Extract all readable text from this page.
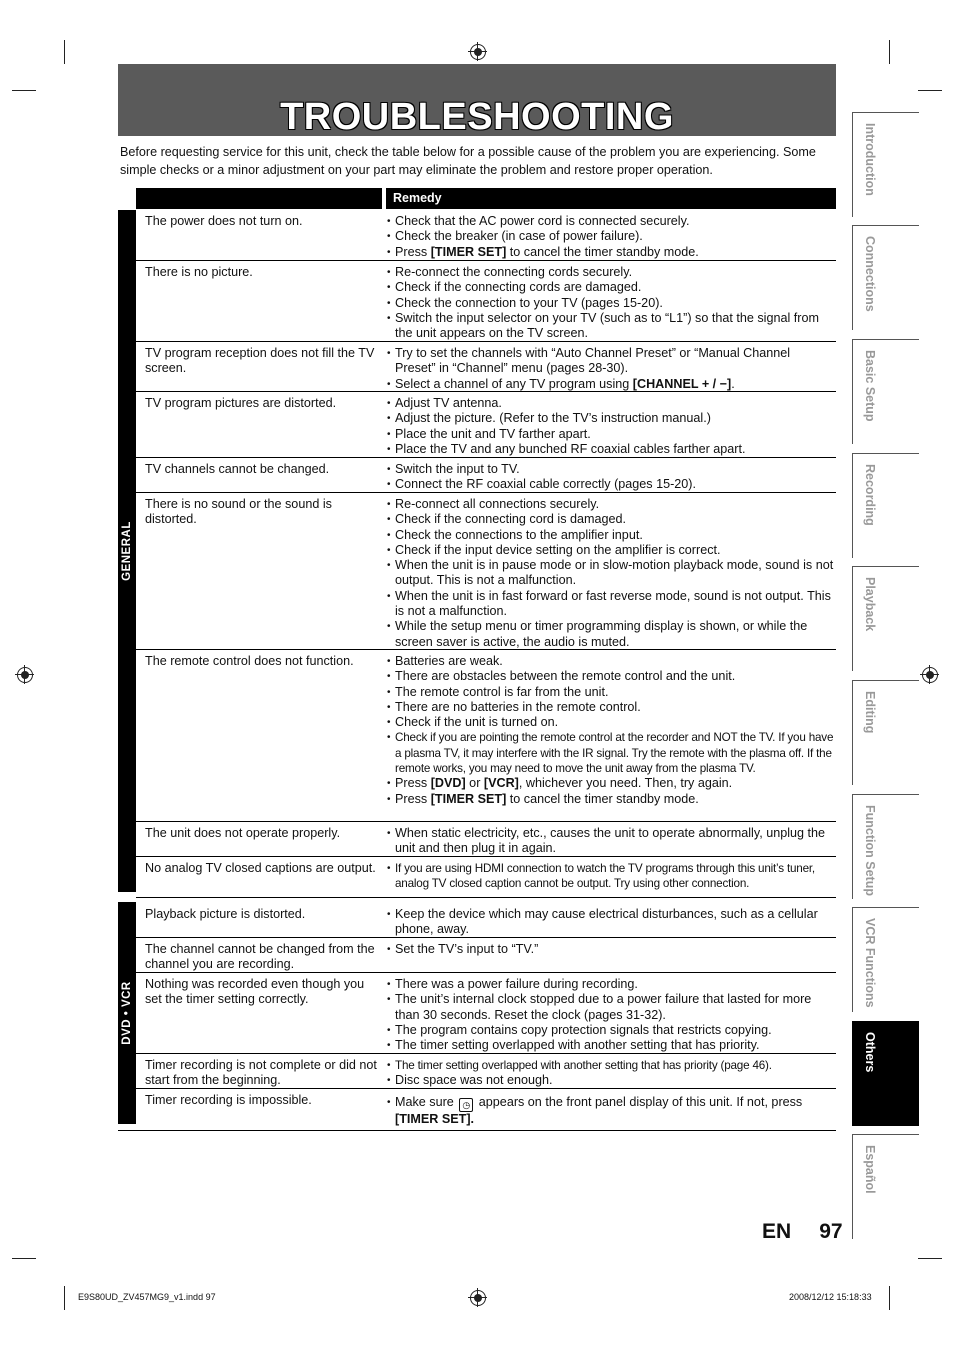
TROUBLESHOOTING
Before requesting service for this unit, check the table below for a possible cause of the problem you are experiencing. Some simple checks or a minor adjustment on your part may eliminate the problem and restore proper operation.
Remedy
GENERAL
DVD • VCR
The power does not turn on.	• Check that the AC power cord is connected securely.
• Check the breaker (in case of power failure).
• Press [TIMER SET] to cancel the timer standby mode.
There is no picture.	• Re-connect the connecting cords securely.
• Check if the connecting cords are damaged.
• Check the connection to your TV (pages 15-20).
• Switch the input selector on your TV (such as to “L1”) so that the signal from the unit appears on the TV screen.
TV program reception does not fill the TV screen.
• Try to set the channels with “Auto Channel Preset” or “Manual Channel Preset” in “Channel” menu (pages 28-30).
• Select a channel of any TV program using [CHANNEL + / −].
TV program pictures are distorted.	• Adjust TV antenna.
• Adjust the picture. (Refer to the TV’s instruction manual.)
• Place the unit and TV farther apart.
• Place the TV and any bunched RF coaxial cables farther apart.
TV channels cannot be changed.	• Switch the input to TV.
• Connect the RF coaxial cable correctly (pages 15-20).
There is no sound or the sound is distorted.
• Re-connect all connections securely.
• Check if the connecting cord is damaged.
• Check the connections to the amplifier input.
• Check if the input device setting on the amplifier is correct.
• When the unit is in pause mode or in slow-motion playback mode, sound is not output. This is not a malfunction.
• When the unit is in fast forward or fast reverse mode, sound is not output. This is not a malfunction.
• While the setup menu or timer programming display is shown, or while the screen saver is active, the audio is muted.
The remote control does not function.	• Batteries are weak.
• There are obstacles between the remote control and the unit.
• The remote control is far from the unit.
• There are no batteries in the remote control.
• Check if the unit is turned on.
• Check if you are pointing the remote control at the recorder and NOT the TV. If you have a plasma TV, it may interfere with the IR signal. Try the remote with the plasma off. If the remote works, you may need to move the unit away from the plasma TV.
• Press [DVD] or [VCR], whichever you need. Then, try again.
• Press [TIMER SET] to cancel the timer standby mode.
The unit does not operate properly.	• When static electricity, etc., causes the unit to operate abnormally, unplug the unit and then plug it in again.
No analog TV closed captions are output.	• If you are using HDMI connection to watch the TV programs through this unit’s tuner, analog TV closed caption cannot be output. Try using other connection.
Playback picture is distorted.	• Keep the device which may cause electrical disturbances, such as a cellular phone, away.
The channel cannot be changed from the channel you are recording.
• Set the TV’s input to “TV.”
Nothing was recorded even though you set the timer setting correctly.
• There was a power failure during recording.
• The unit’s internal clock stopped due to a power failure that lasted for more than 30 seconds. Reset the clock (pages 31-32).
• The program contains copy protection signals that restricts copying.
• The timer setting overlapped with another setting that has priority.
Timer recording is not complete or did not start from the beginning.
• The timer setting overlapped with another setting that has priority (page 46).
• Disc space was not enough.
Timer recording is impossible.	• Make sure ◷ appears on the front panel display of this unit. If not, press [TIMER SET].
Introduction
Connections
Basic Setup
Recording
Playback
Editing
Function Setup
VCR Functions
Others
Español
EN 97
E9S80UD_ZV457MG9_v1.indd 97	2008/12/12 15:18:33
